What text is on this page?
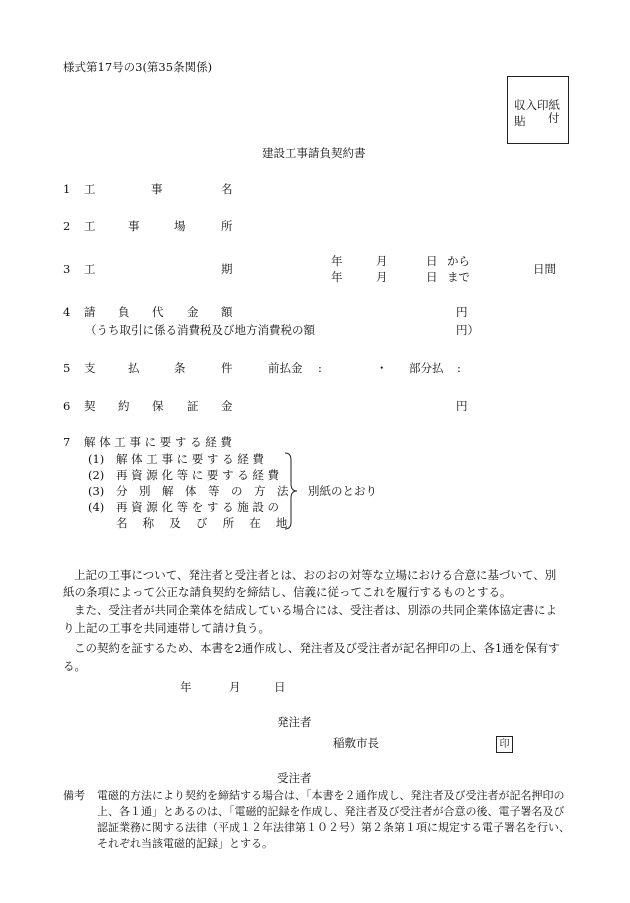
様式第17号の3(第35条関係)
収入印紙
貼 付
建設工事請負契約書
1 工	事	名
2 工	事	場	所
3 工	期
年	月	日 から
年	月	日 まで
日間
4 請 負 代 金 額	円
（うち取引に係る消費税及び地方消費税の額	円）
5 支	払	条	件	前払金 :	・ 部分払 :
6 契 約 保 証 金	円
7 解 体 工 事 に 要 す る 経 費
(1) 解 体 工 事 に 要 す る 経 費
(2) 再 資 源 化 等 に 要 す る 経 費
(3) 分　別　解　体　等　の　方　法
(4) 再 資 源 化 等 を す る 施 設 の
名　 称　 及　 び　 所　 在　 地
別紙のとおり
上記の工事について、発注者と受注者とは、おのおの対等な立場における合意に基づいて、別
紙の条項によって公正な請負契約を締結し、信義に従ってこれを履行するものとする。
また、受注者が共同企業体を結成している場合には、受注者は、別添の共同企業体協定書によ
り上記の工事を共同連帯して請け負う。
この契約を証するため、本書を2通作成し、発注者及び受注者が記名押印の上、各1通を保有す
る。
年	月	日
発注者
稲敷市長	印
受注者
備考 電磁的方法により契約を締結する場合は、「本書を２通作成し、発注者及び受注者が記名押印の
上、各１通」とあるのは、「電磁的記録を作成し、発注者及び受注者が合意の後、電子署名及び
認証業務に関する法律（平成１２年法律第１０２号）第２条第１項に規定する電子署名を行い、
それぞれ当該電磁的記録」とする。
